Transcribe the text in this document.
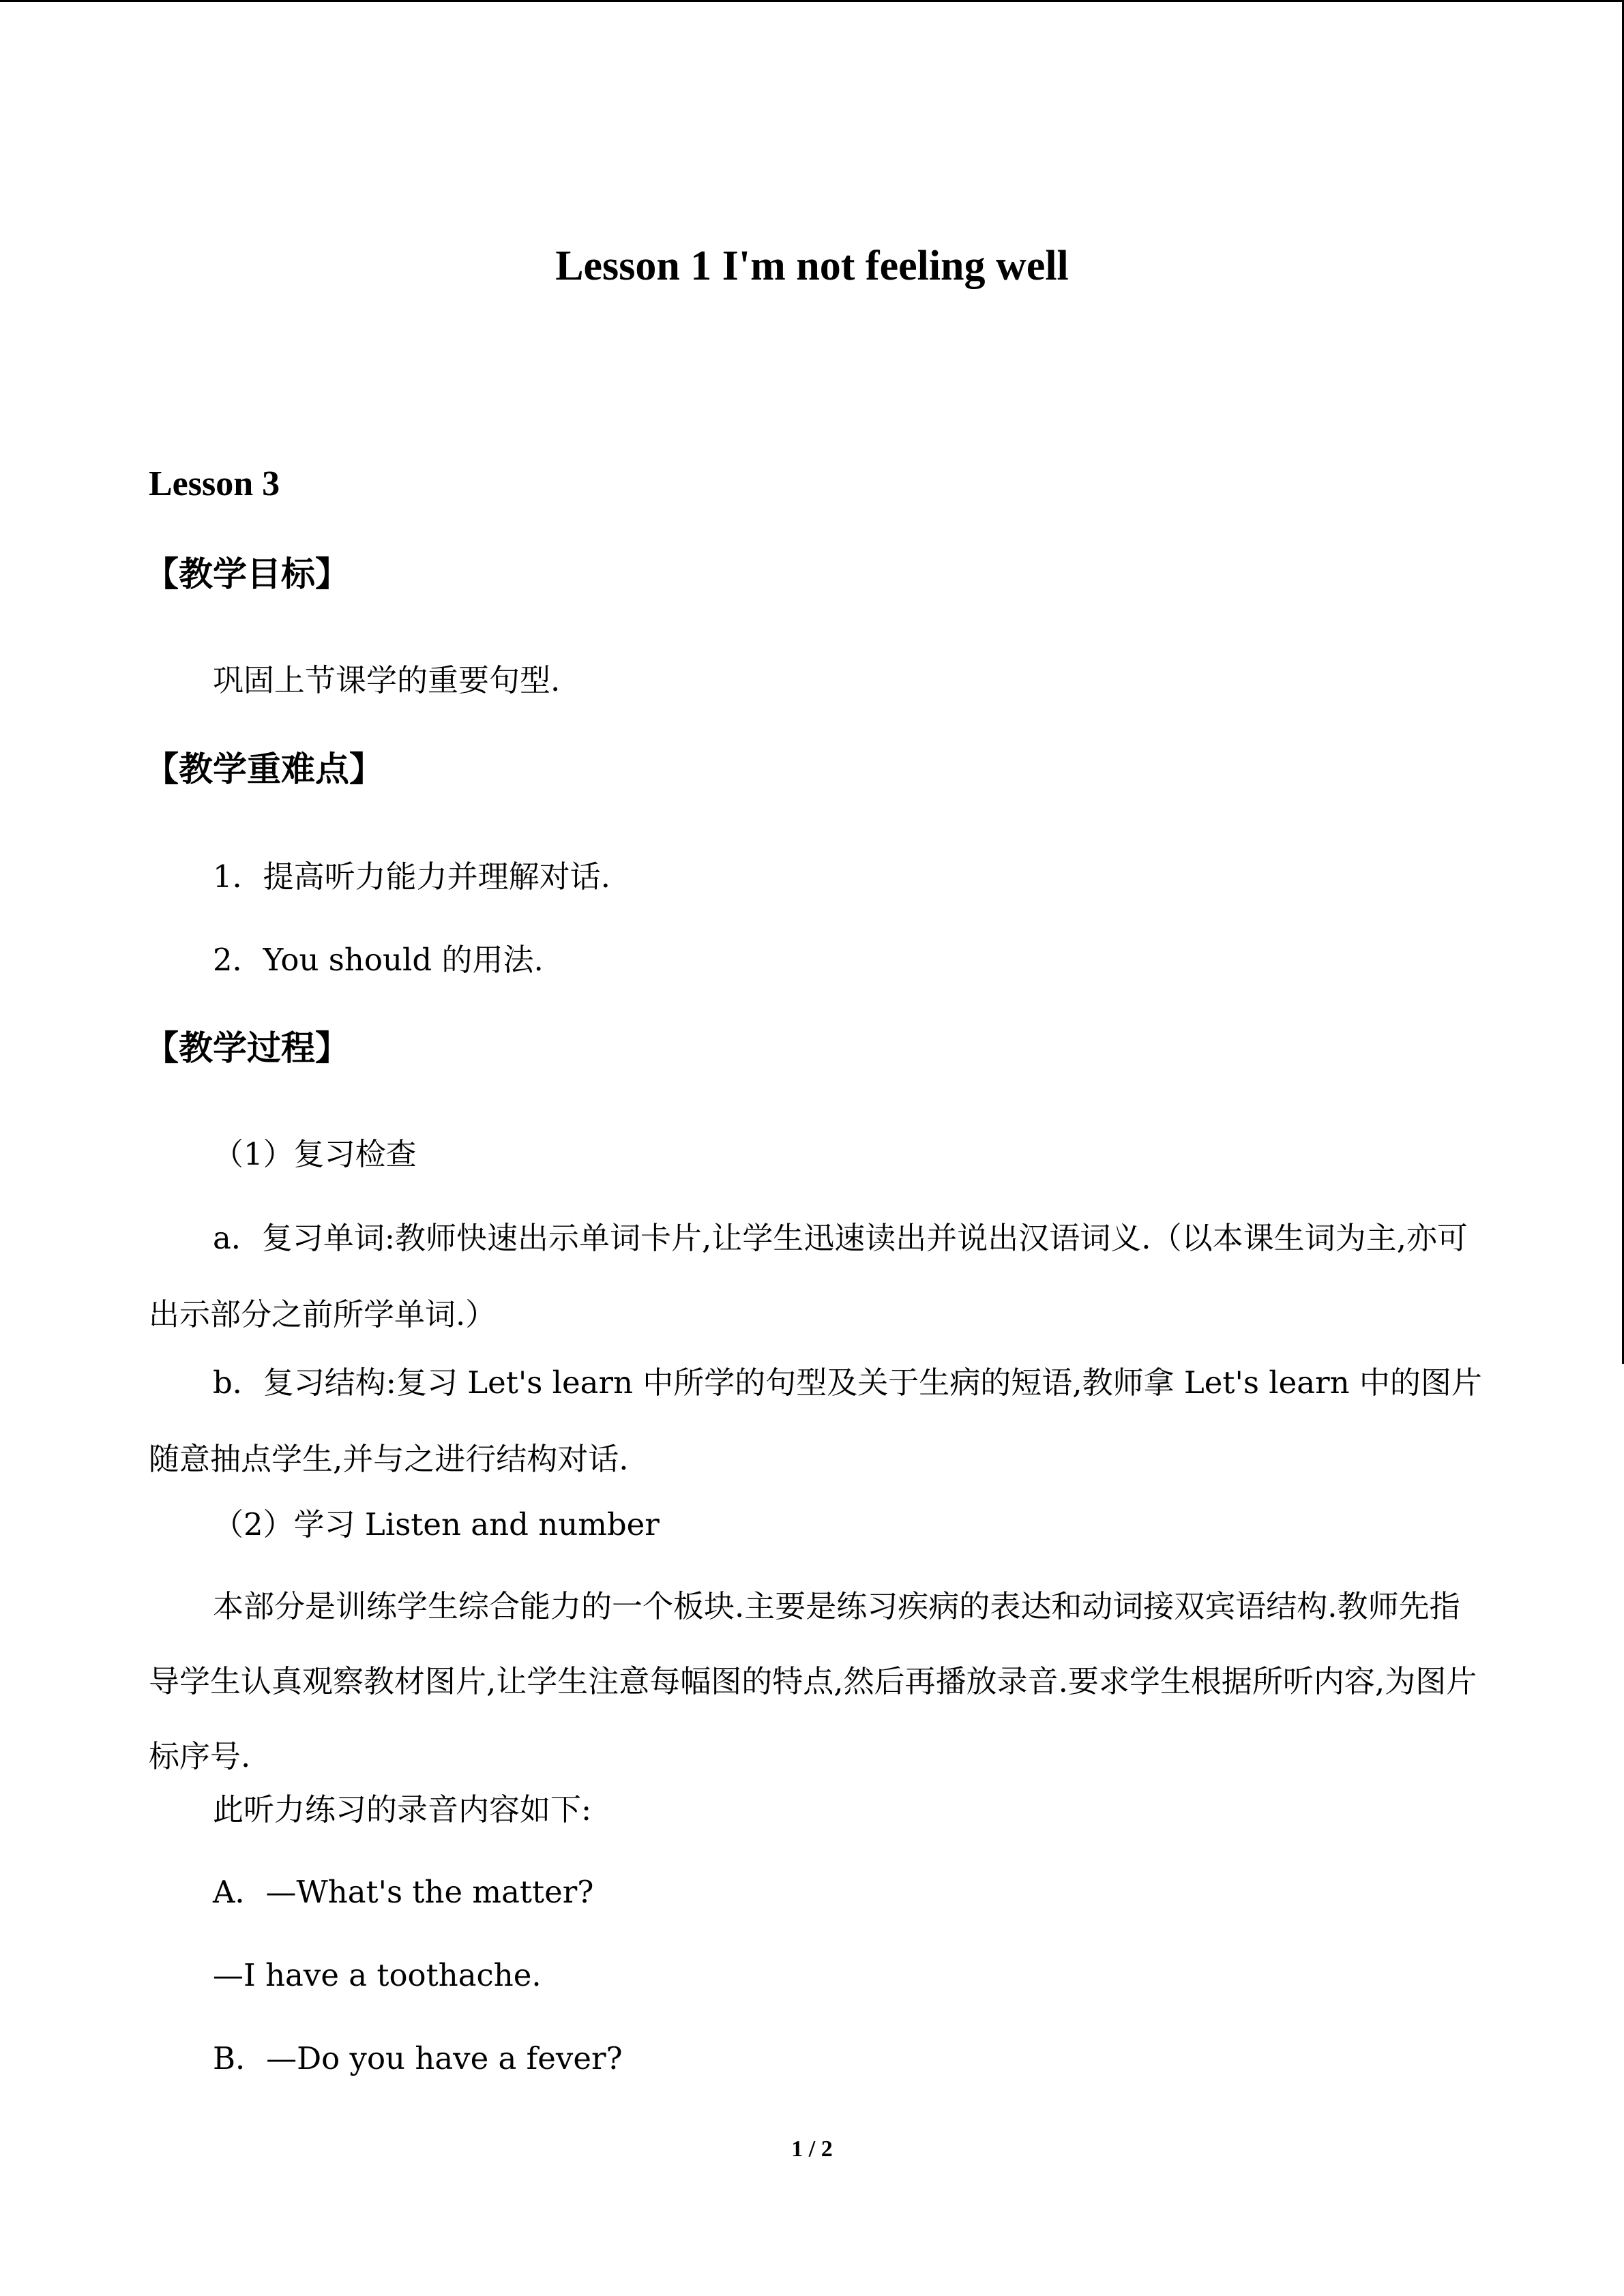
Lesson 1 I'm not feeling well
Lesson 3
【教学目标】
巩固上节课学的重要句型.
【教学重难点】
1．提高听力能力并理解对话.
2．You should 的用法.
【教学过程】
（1）复习检查
a．复习单词:教师快速出示单词卡片,让学生迅速读出并说出汉语词义.（以本课生词为主,亦可出示部分之前所学单词.）
b．复习结构:复习 Let's learn 中所学的句型及关于生病的短语,教师拿 Let's learn 中的图片随意抽点学生,并与之进行结构对话.
（2）学习 Listen and number
本部分是训练学生综合能力的一个板块.主要是练习疾病的表达和动词接双宾语结构.教师先指导学生认真观察教材图片,让学生注意每幅图的特点,然后再播放录音.要求学生根据所听内容,为图片标序号.
此听力练习的录音内容如下:
A．—What's the matter?
—I have a toothache.
B．—Do you have a fever?
1 / 2
